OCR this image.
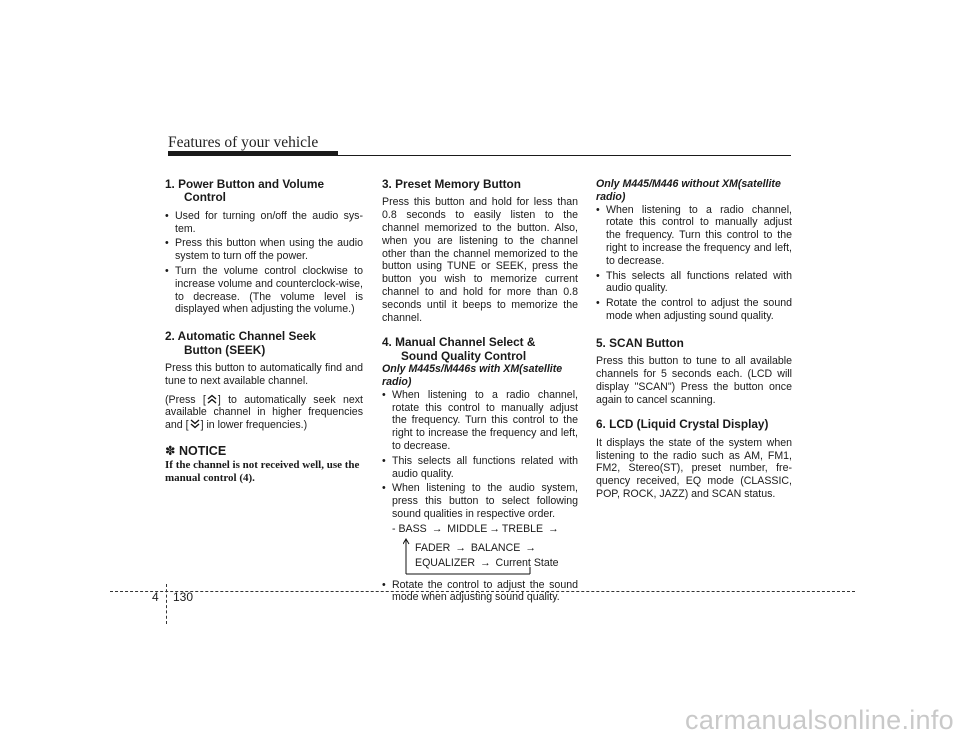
Features of your vehicle
1. Power Button and Volume
Control
• Used for turning on/off the audio sys-tem.
• Press this button when using the audio system to turn off the power.
• Turn the volume control clockwise to increase volume and counterclock-wise, to decrease. (The volume level is displayed when adjusting the volume.)
2. Automatic Channel Seek
Button (SEEK)

Press this button to automatically find and tune to next available channel.

(Press [ ] to automatically seek next available channel in higher frequencies and [ ] in lower frequencies.)

✽ NOTICE
If the channel is not received well, use the manual control (4).
3. Preset Memory Button

Press this button and hold for less than 0.8 seconds to easily listen to the channel memorized to the button. Also, when you are listening to the channel other than the channel memorized to the button using TUNE or SEEK, press the button you wish to memorize current channel to and hold for more than 0.8 seconds until it beeps to memorize the channel.

4. Manual Channel Select &
Sound Quality Control
Only M445s/M446s with XM(satellite radio)
• When listening to a radio channel, rotate this control to manually adjust the frequency. Turn this control to the right to increase the frequency and left, to decrease.
• This selects all functions related with audio quality.
• When listening to the audio system, press this button to select following sound qualities in respective order.
- BASS → MIDDLE → TREBLE →
FADER → BALANCE →
EQUALIZER → Current State
• Rotate the control to adjust the sound mode when adjusting sound quality.
Only M445/M446 without XM(satellite radio)
• When listening to a radio channel, rotate this control to manually adjust the frequency. Turn this control to the right to increase the frequency and left, to decrease.
• This selects all functions related with audio quality.
• Rotate the control to adjust the sound mode when adjusting sound quality.
5. SCAN Button

Press this button to tune to all available channels for 5 seconds each. (LCD will display "SCAN") Press the button once again to cancel scanning.

6. LCD (Liquid Crystal Display)

It displays the state of the system when listening to the radio such as AM, FM1, FM2, Stereo(ST), preset number, fre-quency received, EQ mode (CLASSIC, POP, ROCK, JAZZ) and SCAN status.

4 130
carmanualsonline.info
